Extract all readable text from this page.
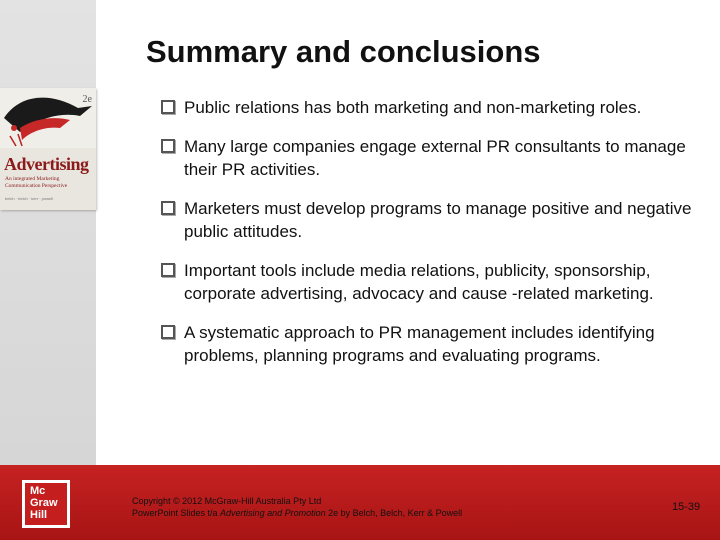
2e
Advertising
An integrated Marketing Communication Perspective
belch · belch · kerr · powell
Summary and conclusions
Public relations has both marketing and non-marketing roles.
Many large companies engage external PR consultants to manage their PR activities.
Marketers must develop programs to manage positive and negative public attitudes.
Important tools include media relations, publicity, sponsorship, corporate advertising, advocacy and cause -related marketing.
A systematic approach to PR management includes identifying problems, planning programs and evaluating programs.
Mc
Graw
Hill
Copyright © 2012 McGraw-Hill Australia Pty Ltd
PowerPoint Slides t/a Advertising and Promotion 2e by Belch, Belch, Kerr & Powell	15-39
